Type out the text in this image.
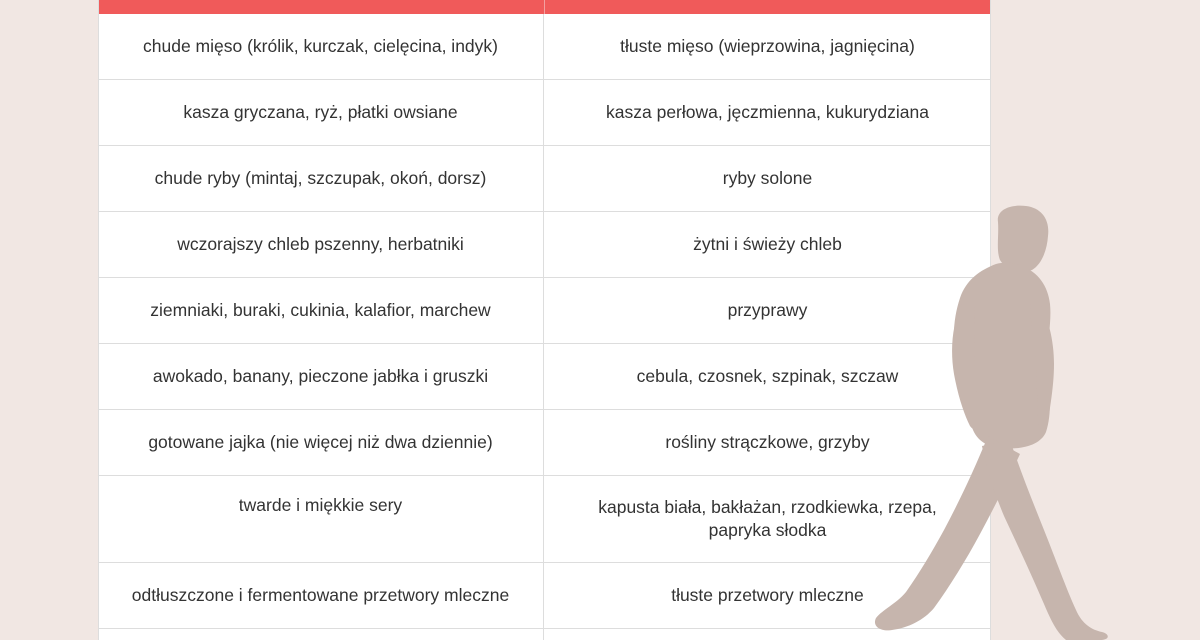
chude mięso (królik, kurczak, cielęcina, indyk)	tłuste mięso (wieprzowina, jagnięcina)
kasza gryczana, ryż, płatki owsiane	kasza perłowa, jęczmienna, kukurydziana
chude ryby (mintaj, szczupak, okoń, dorsz)	ryby solone
wczorajszy chleb pszenny, herbatniki	żytni i świeży chleb
ziemniaki, buraki, cukinia, kalafior, marchew	przyprawy
awokado, banany, pieczone jabłka i gruszki	cebula, czosnek, szpinak, szczaw
gotowane jajka (nie więcej niż dwa dziennie)	rośliny strączkowe, grzyby
twarde i miękkie sery	kapusta biała, bakłażan, rzodkiewka, rzepa, papryka słodka
odtłuszczone i fermentowane przetwory mleczne	tłuste przetwory mleczne
